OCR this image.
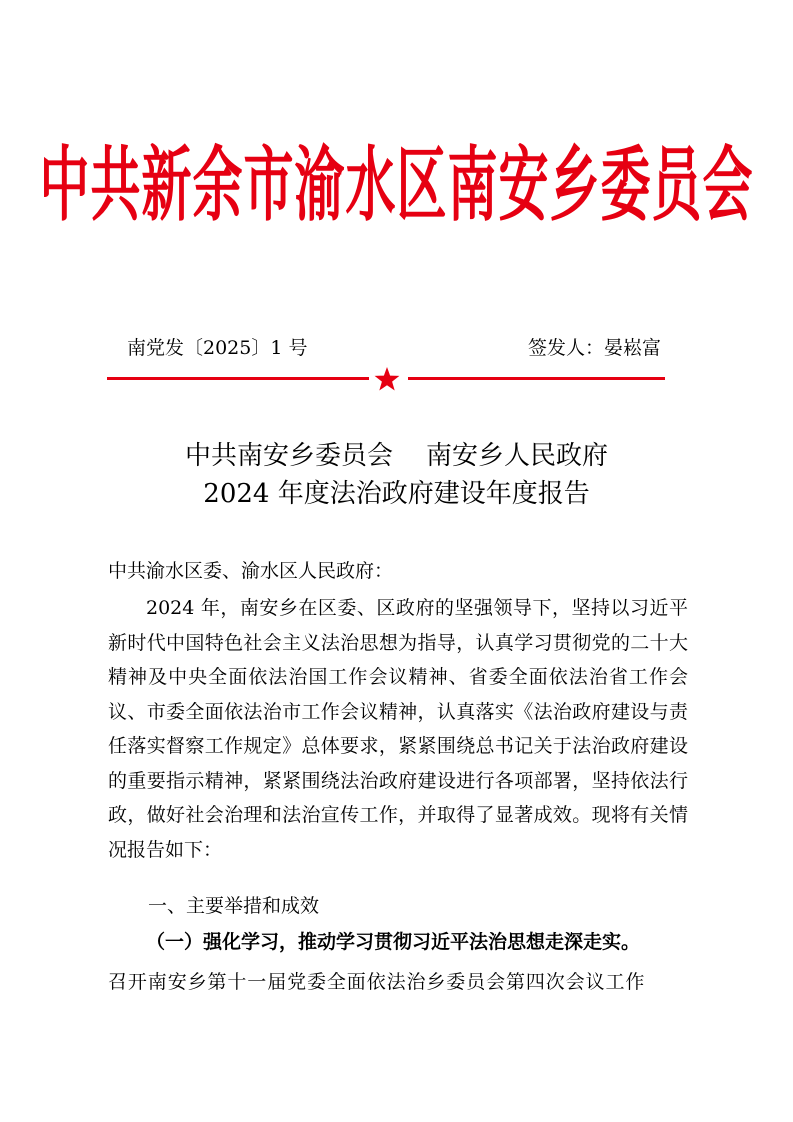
中共新余市渝水区南安乡委员会
南党发〔2025〕1 号	签发人：晏崧富
中共南安乡委员会    南安乡人民政府
2024 年度法治政府建设年度报告
中共渝水区委、渝水区人民政府：

2024 年，南安乡在区委、区政府的坚强领导下，坚持以习近平新时代中国特色社会主义法治思想为指导，认真学习贯彻党的二十大精神及中央全面依法治国工作会议精神、省委全面依法治省工作会议、市委全面依法治市工作会议精神，认真落实《法治政府建设与责任落实督察工作规定》总体要求，紧紧围绕总书记关于法治政府建设的重要指示精神，紧紧围绕法治政府建设进行各项部署，坚持依法行政，做好社会治理和法治宣传工作，并取得了显著成效。现将有关情况报告如下：

一、主要举措和成效
（一）强化学习，推动学习贯彻习近平法治思想走深走实。
召开南安乡第十一届党委全面依法治乡委员会第四次会议工作
